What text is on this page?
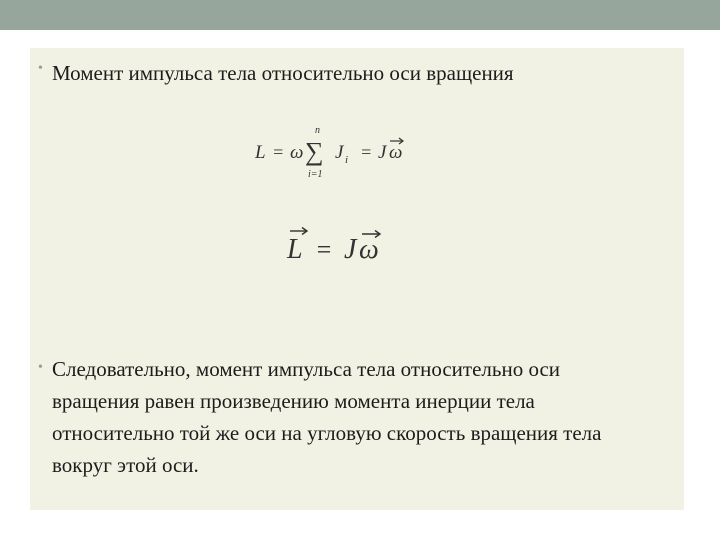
• Момент импульса тела относительно оси вращения
L = ω
n
∑
i=1
J i = J ω
L = J ω
• Следовательно, момент импульса тела относительно оси вращения равен произведению момента инерции тела относительно той же оси на угловую скорость вращения тела вокруг этой оси.
